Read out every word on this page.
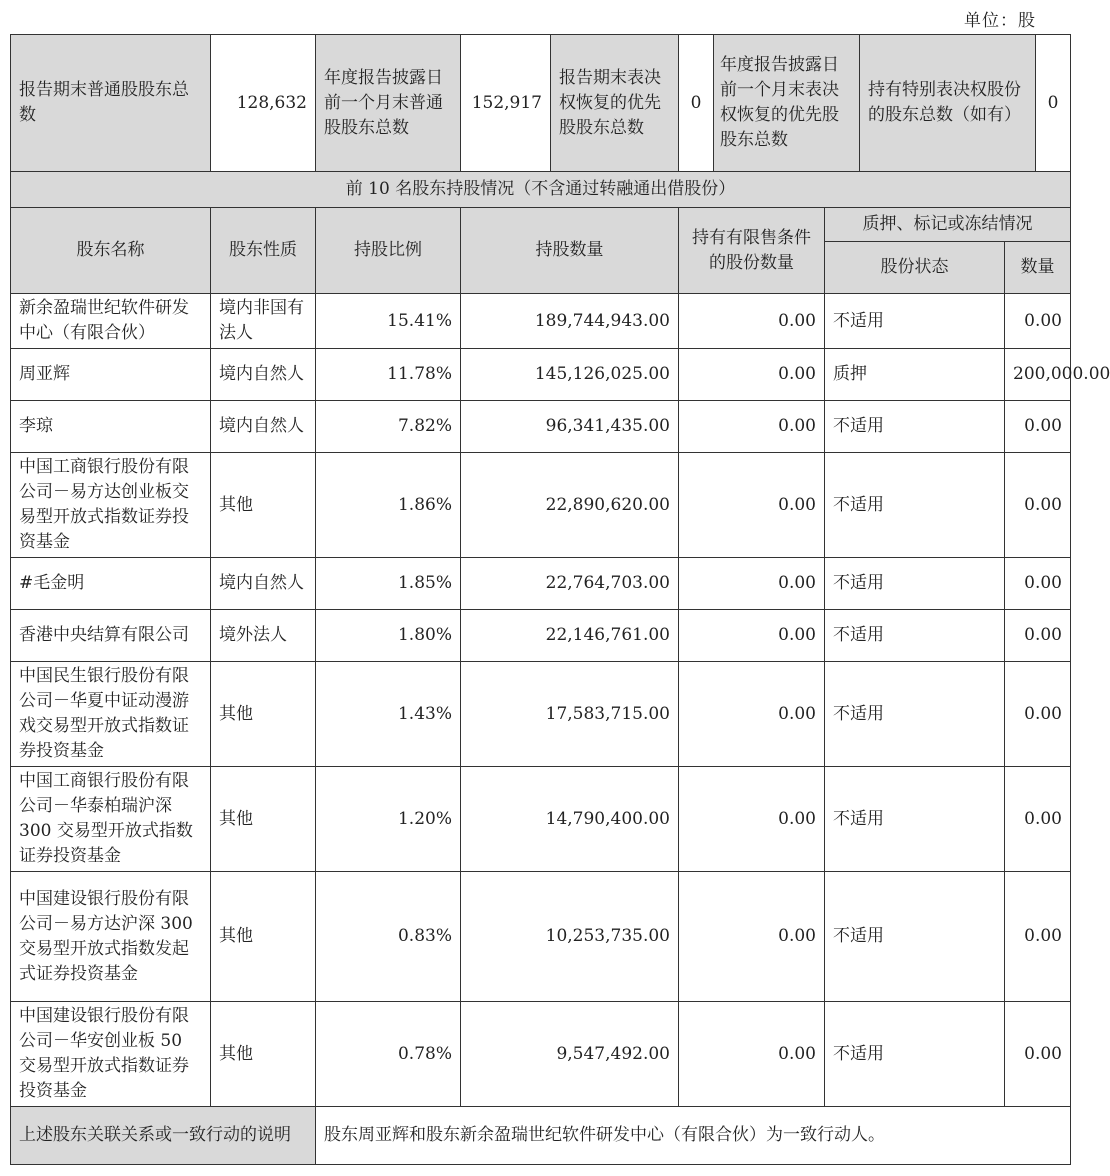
单位：股
报告期末普通股股东总数	128,632	年度报告披露日前一个月末普通股股东总数	152,917	报告期末表决权恢复的优先股股东总数	0	年度报告披露日前一个月末表决权恢复的优先股股东总数		持有特别表决权股份的股东总数（如有）		0
前 10 名股东持股情况（不含通过转融通出借股份）										
股东名称	股东性质	持股比例	持股数量		持有有限售条件的股份数量		质押、标记或冻结情况			
							股份状态		数量	
新余盈瑞世纪软件研发中心（有限合伙）	境内非国有法人	15.41%	189,744,943.00		0.00		不适用		0.00	
周亚辉	境内自然人	11.78%	145,126,025.00		0.00		质押		200,000.00	
李琼	境内自然人	7.82%	96,341,435.00		0.00		不适用		0.00	
中国工商银行股份有限公司－易方达创业板交易型开放式指数证券投资基金	其他	1.86%	22,890,620.00		0.00		不适用		0.00	
#毛金明	境内自然人	1.85%	22,764,703.00		0.00		不适用		0.00	
香港中央结算有限公司	境外法人	1.80%	22,146,761.00		0.00		不适用		0.00	
中国民生银行股份有限公司－华夏中证动漫游戏交易型开放式指数证券投资基金	其他	1.43%	17,583,715.00		0.00		不适用		0.00	
中国工商银行股份有限公司－华泰柏瑞沪深 300 交易型开放式指数证券投资基金	其他	1.20%	14,790,400.00		0.00		不适用		0.00	
中国建设银行股份有限公司－易方达沪深 300 交易型开放式指数发起式证券投资基金	其他	0.83%	10,253,735.00		0.00		不适用		0.00	
中国建设银行股份有限公司－华安创业板 50 交易型开放式指数证券投资基金	其他	0.78%	9,547,492.00		0.00		不适用		0.00	
上述股东关联关系或一致行动的说明		股东周亚辉和股东新余盈瑞世纪软件研发中心（有限合伙）为一致行动人。								
